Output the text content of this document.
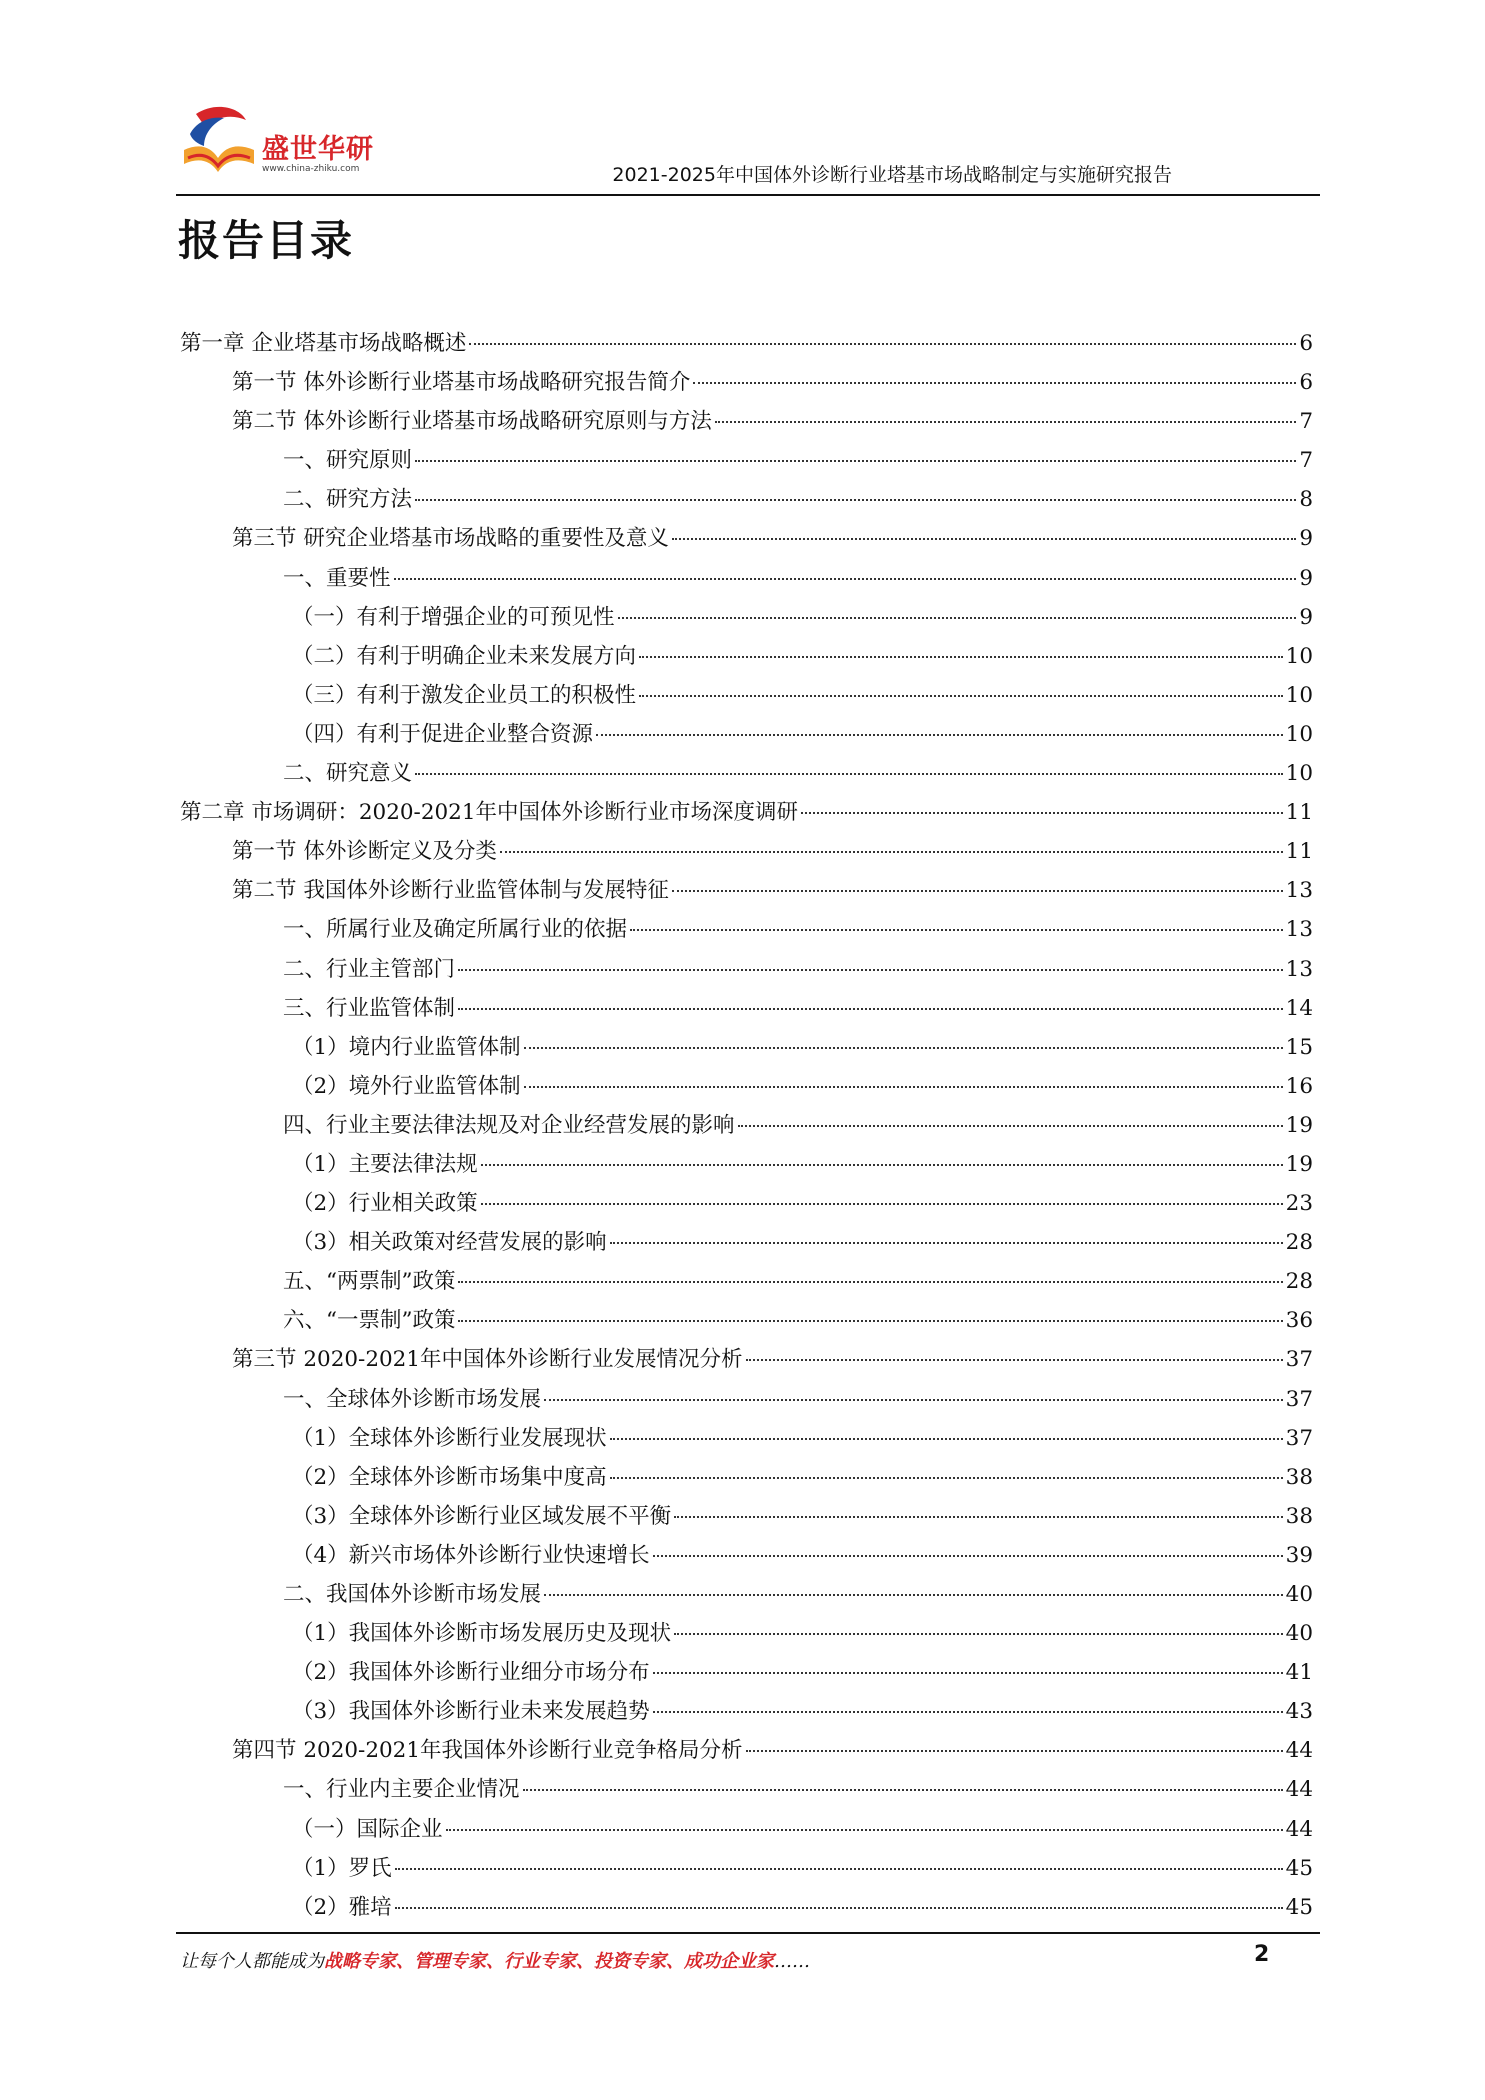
盛世华研
www.china-zhiku.com	2021-2025年中国体外诊断行业塔基市场战略制定与实施研究报告
报告目录
第一章 企业塔基市场战略概述	6
第一节 体外诊断行业塔基市场战略研究报告简介	6
第二节 体外诊断行业塔基市场战略研究原则与方法	7
一、研究原则	7
二、研究方法	8
第三节 研究企业塔基市场战略的重要性及意义	9
一、重要性	9
（一）有利于增强企业的可预见性	9
（二）有利于明确企业未来发展方向	10
（三）有利于激发企业员工的积极性	10
（四）有利于促进企业整合资源	10
二、研究意义	10
第二章 市场调研：2020-2021年中国体外诊断行业市场深度调研	11
第一节 体外诊断定义及分类	11
第二节 我国体外诊断行业监管体制与发展特征	13
一、所属行业及确定所属行业的依据	13
二、行业主管部门	13
三、行业监管体制	14
（1）境内行业监管体制	15
（2）境外行业监管体制	16
四、行业主要法律法规及对企业经营发展的影响	19
（1）主要法律法规	19
（2）行业相关政策	23
（3）相关政策对经营发展的影响	28
五、“两票制”政策	28
六、“一票制”政策	36
第三节 2020-2021年中国体外诊断行业发展情况分析	37
一、全球体外诊断市场发展	37
（1）全球体外诊断行业发展现状	37
（2）全球体外诊断市场集中度高	38
（3）全球体外诊断行业区域发展不平衡	38
（4）新兴市场体外诊断行业快速增长	39
二、我国体外诊断市场发展	40
（1）我国体外诊断市场发展历史及现状	40
（2）我国体外诊断行业细分市场分布	41
（3）我国体外诊断行业未来发展趋势	43
第四节 2020-2021年我国体外诊断行业竞争格局分析	44
一、行业内主要企业情况	44
（一）国际企业	44
（1）罗氏	45
（2）雅培	45
让每个人都能成为战略专家、管理专家、行业专家、投资专家、成功企业家……	2
